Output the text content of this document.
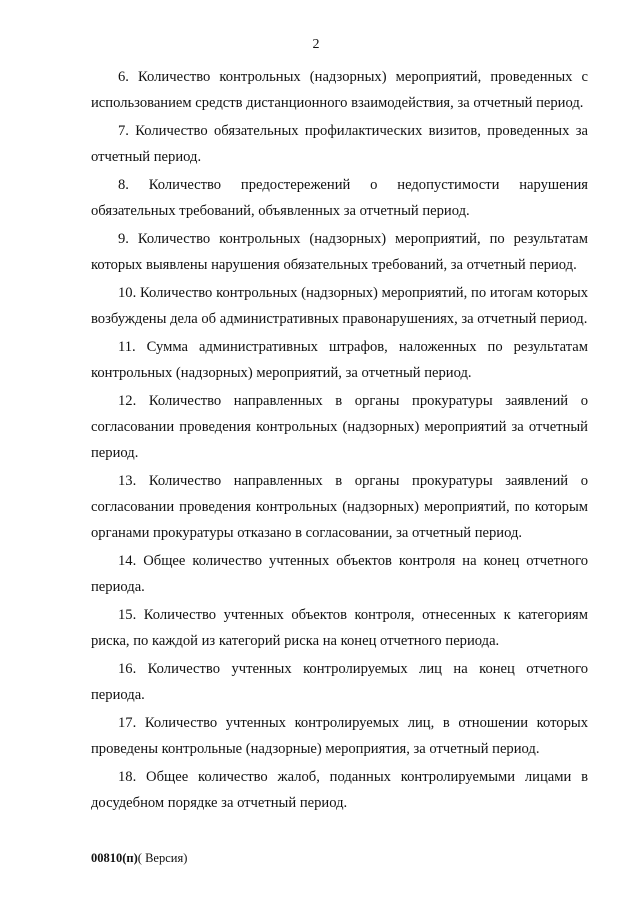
2

6. Количество контрольных (надзорных) мероприятий, проведенных с использованием средств дистанционного взаимодействия, за отчетный период.

7. Количество обязательных профилактических визитов, проведенных за отчетный период.

8. Количество предостережений о недопустимости нарушения обязательных требований, объявленных за отчетный период.

9. Количество контрольных (надзорных) мероприятий, по результатам которых выявлены нарушения обязательных требований, за отчетный период.

10. Количество контрольных (надзорных) мероприятий, по итогам которых возбуждены дела об административных правонарушениях, за отчетный период.

11. Сумма административных штрафов, наложенных по результатам контрольных (надзорных) мероприятий, за отчетный период.

12. Количество направленных в органы прокуратуры заявлений о согласовании проведения контрольных (надзорных) мероприятий за отчетный период.

13. Количество направленных в органы прокуратуры заявлений о согласовании проведения контрольных (надзорных) мероприятий, по которым органами прокуратуры отказано в согласовании, за отчетный период.

14. Общее количество учтенных объектов контроля на конец отчетного периода.

15. Количество учтенных объектов контроля, отнесенных к категориям риска, по каждой из категорий риска на конец отчетного периода.

16. Количество учтенных контролируемых лиц на конец отчетного периода.

17. Количество учтенных контролируемых лиц, в отношении которых проведены контрольные (надзорные) мероприятия, за отчетный период.

18. Общее количество жалоб, поданных контролируемыми лицами в досудебном порядке за отчетный период.

00810(п)( Версия)
